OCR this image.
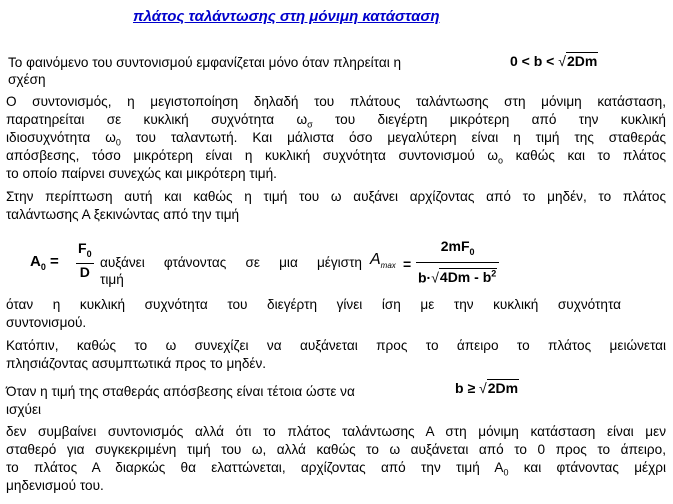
πλάτος ταλάντωσης στη μόνιμη κατάσταση
Το φαινόμενο του συντονισμού εμφανίζεται μόνο όταν πληρείται η	0 < b < √2Dm
σχέση
Ο συντονισμός, η μεγιστοποίηση δηλαδή του πλάτους ταλάντωσης στη μόνιμη κατάσταση,
παρατηρείται σε κυκλική συχνότητα $\omega_\sigma$ του διεγέρτη μικρότερη από την κυκλική
ιδιοσυχνότητα $\omega_0$ του ταλαντωτή. Και μάλιστα όσο μεγαλύτερη είναι η τιμή της σταθεράς
απόσβεσης, τόσο μικρότερη είναι η κυκλική συχνότητα συντονισμού $\omega_o$ καθώς και το πλάτος
το οποίο παίρνει συνεχώς και μικρότερη τιμή.
Στην περίπτωση αυτή και καθώς η τιμή του ω αυξάνει αρχίζοντας από το μηδέν, το πλάτος
ταλάντωσης Α ξεκινώντας από την τιμή
$A_0 = \frac{F_0}{D}$ αυξάνει φτάνοντας σε μια μέγιστη
τιμή
$A_{max} = \frac{2mF_0}{b\cdot√4Dm - b^2}$
όταν η κυκλική συχνότητα του διεγέρτη γίνει ίση με την κυκλική συχνότητα
συντονισμού.
Κατόπιν, καθώς το ω συνεχίζει να αυξάνεται προς το άπειρο το πλάτος μειώνεται
πλησιάζοντας ασυμπτωτικά προς το μηδέν.
Όταν η τιμή της σταθεράς απόσβεσης είναι τέτοια ώστε να	b ≥ √2Dm
ισχύει
δεν συμβαίνει συντονισμός αλλά ότι το πλάτος ταλάντωσης Α στη μόνιμη κατάσταση είναι μεν
σταθερό για συγκεκριμένη τιμή του ω, αλλά καθώς το ω αυξάνεται από το 0 προς το άπειρο,
το πλάτος Α διαρκώς θα ελαττώνεται, αρχίζοντας από την τιμή $A_0$ και φτάνοντας μέχρι
μηδενισμού του.
